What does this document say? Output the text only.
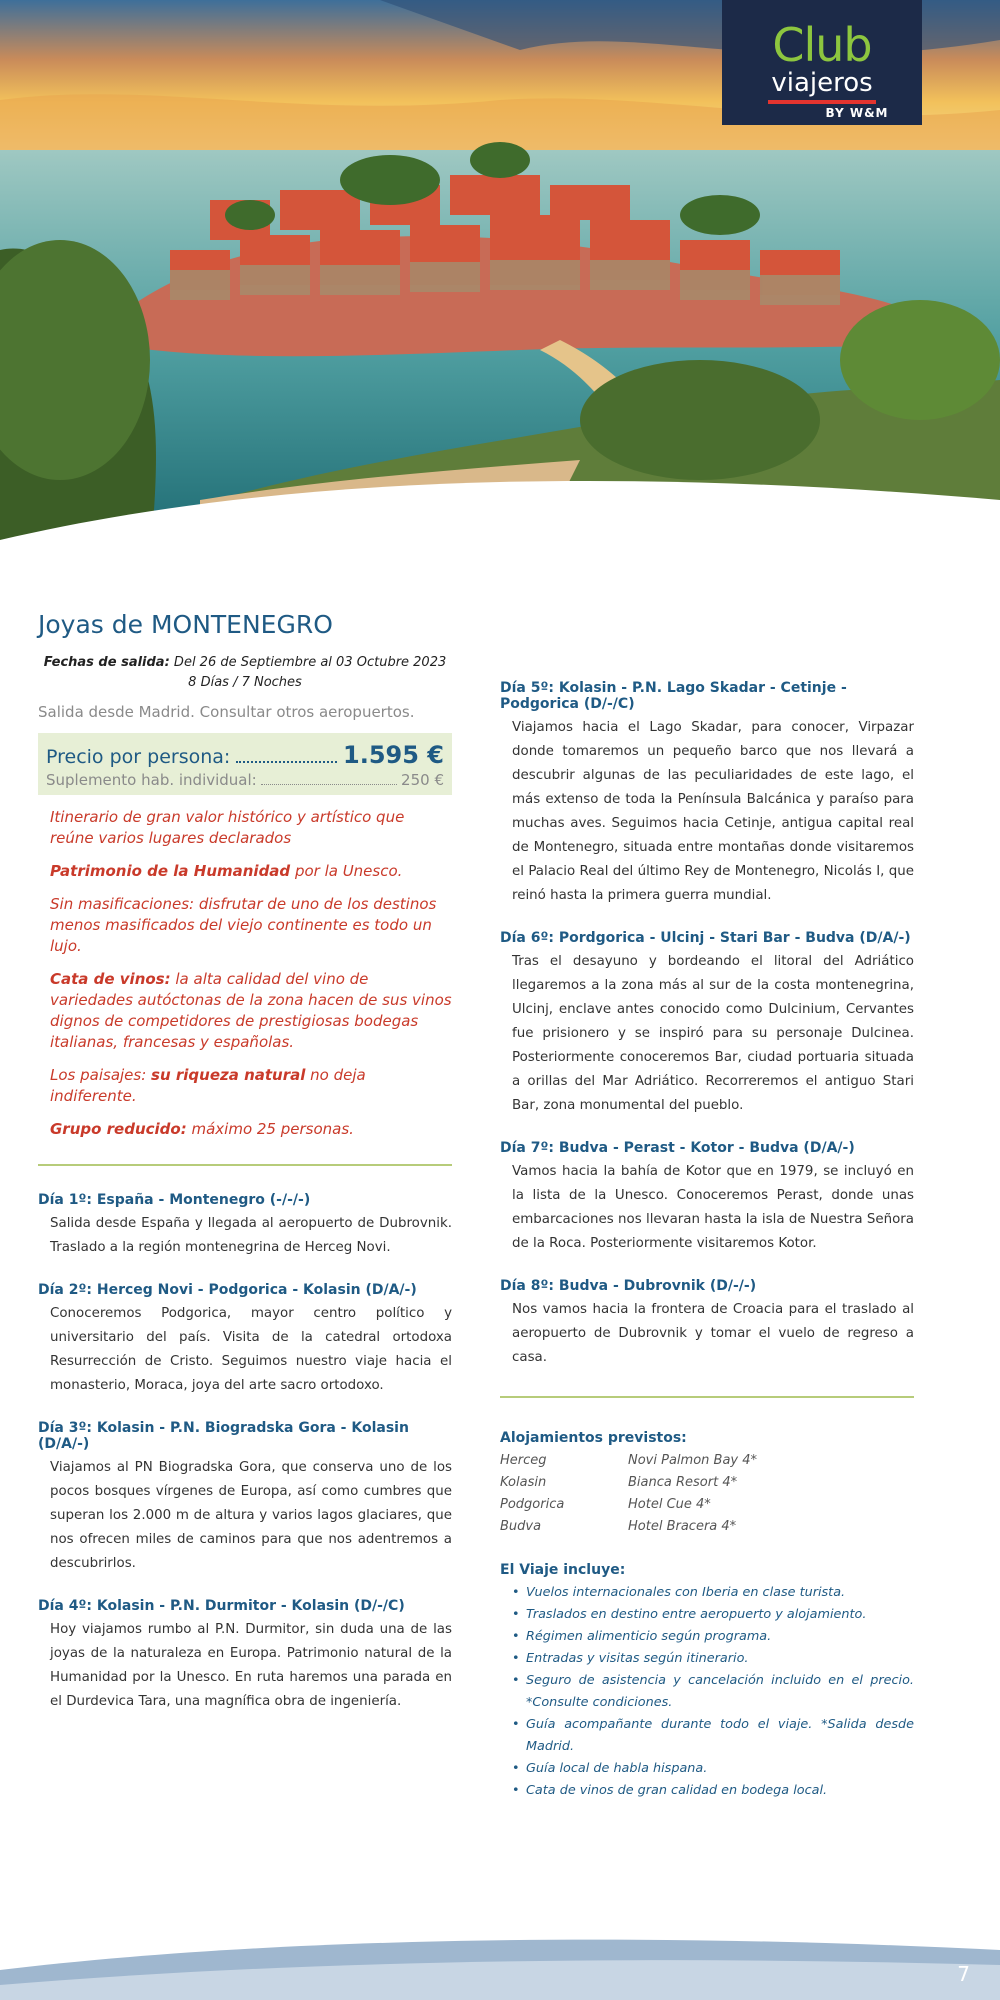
Club
viajeros
BY W&M
Joyas de MONTENEGRO
Fechas de salida: Del 26 de Septiembre al 03 Octubre 2023
8 Días / 7 Noches
Salida desde Madrid. Consultar otros aeropuertos.
Precio por persona:	1.595 €
Suplemento hab. individual:	250 €
Itinerario de gran valor histórico y artístico que reúne varios lugares declarados
Patrimonio de la Humanidad por la Unesco.
Sin masificaciones: disfrutar de uno de los destinos menos masificados del viejo continente es todo un lujo.
Cata de vinos: la alta calidad del vino de variedades autóctonas de la zona hacen de sus vinos dignos de competidores de prestigiosas bodegas italianas, francesas y españolas.
Los paisajes: su riqueza natural no deja indiferente.
Grupo reducido: máximo 25 personas.
Día 1º: España - Montenegro (-/-/-)

Salida desde España y llegada al aeropuerto de Dubrovnik. Traslado a la región montenegrina de Herceg Novi.

Día 2º: Herceg Novi - Podgorica - Kolasin (D/A/-)

Conoceremos Podgorica, mayor centro político y universitario del país. Visita de la catedral ortodoxa Resurrección de Cristo. Seguimos nuestro viaje hacia el monasterio, Moraca, joya del arte sacro ortodoxo.

Día 3º: Kolasin - P.N. Biogradska Gora - Kolasin (D/A/-)

Viajamos al PN Biogradska Gora, que conserva uno de los pocos bosques vírgenes de Europa, así como cumbres que superan los 2.000 m de altura y varios lagos glaciares, que nos ofrecen miles de caminos para que nos adentremos a descubrirlos.

Día 4º: Kolasin - P.N. Durmitor - Kolasin (D/-/C)

Hoy viajamos rumbo al P.N. Durmitor, sin duda una de las joyas de la naturaleza en Europa. Patrimonio natural de la Humanidad por la Unesco. En ruta haremos una parada en el Durdevica Tara, una magnífica obra de ingeniería.

Día 5º: Kolasin - P.N. Lago Skadar - Cetinje - Podgorica (D/-/C)

Viajamos hacia el Lago Skadar, para conocer, Virpazar donde tomaremos un pequeño barco que nos llevará a descubrir algunas de las peculiaridades de este lago, el más extenso de toda la Península Balcánica y paraíso para muchas aves. Seguimos hacia Cetinje, antigua capital real de Montenegro, situada entre montañas donde visitaremos el Palacio Real del último Rey de Montenegro, Nicolás I, que reinó hasta la primera guerra mundial.

Día 6º: Pordgorica - Ulcinj - Stari Bar - Budva (D/A/-)

Tras el desayuno y bordeando el litoral del Adriático llegaremos a la zona más al sur de la costa montenegrina, Ulcinj, enclave antes conocido como Dulcinium, Cervantes fue prisionero y se inspiró para su personaje Dulcinea. Posteriormente conoceremos Bar, ciudad portuaria situada a orillas del Mar Adriático. Recorreremos el antiguo Stari Bar, zona monumental del pueblo.

Día 7º: Budva - Perast - Kotor - Budva (D/A/-)

Vamos hacia la bahía de Kotor que en 1979, se incluyó en la lista de la Unesco. Conoceremos Perast, donde unas embarcaciones nos llevaran hasta la isla de Nuestra Señora de la Roca. Posteriormente visitaremos Kotor.

Día 8º: Budva - Dubrovnik (D/-/-)

Nos vamos hacia la frontera de Croacia para el traslado al aeropuerto de Dubrovnik y tomar el vuelo de regreso a casa.

Alojamientos previstos:
Herceg	Novi Palmon Bay 4*
Kolasin	Bianca Resort 4*
Podgorica	Hotel Cue 4*
Budva	Hotel Bracera 4*
El Viaje incluye:
• Vuelos internacionales con Iberia en clase turista.
• Traslados en destino entre aeropuerto y alojamiento.
• Régimen alimenticio según programa.
• Entradas y visitas según itinerario.
• Seguro de asistencia y cancelación incluido en el precio. *Consulte condiciones.
• Guía acompañante durante todo el viaje. *Salida desde Madrid.
• Guía local de habla hispana.
• Cata de vinos de gran calidad en bodega local.
7
